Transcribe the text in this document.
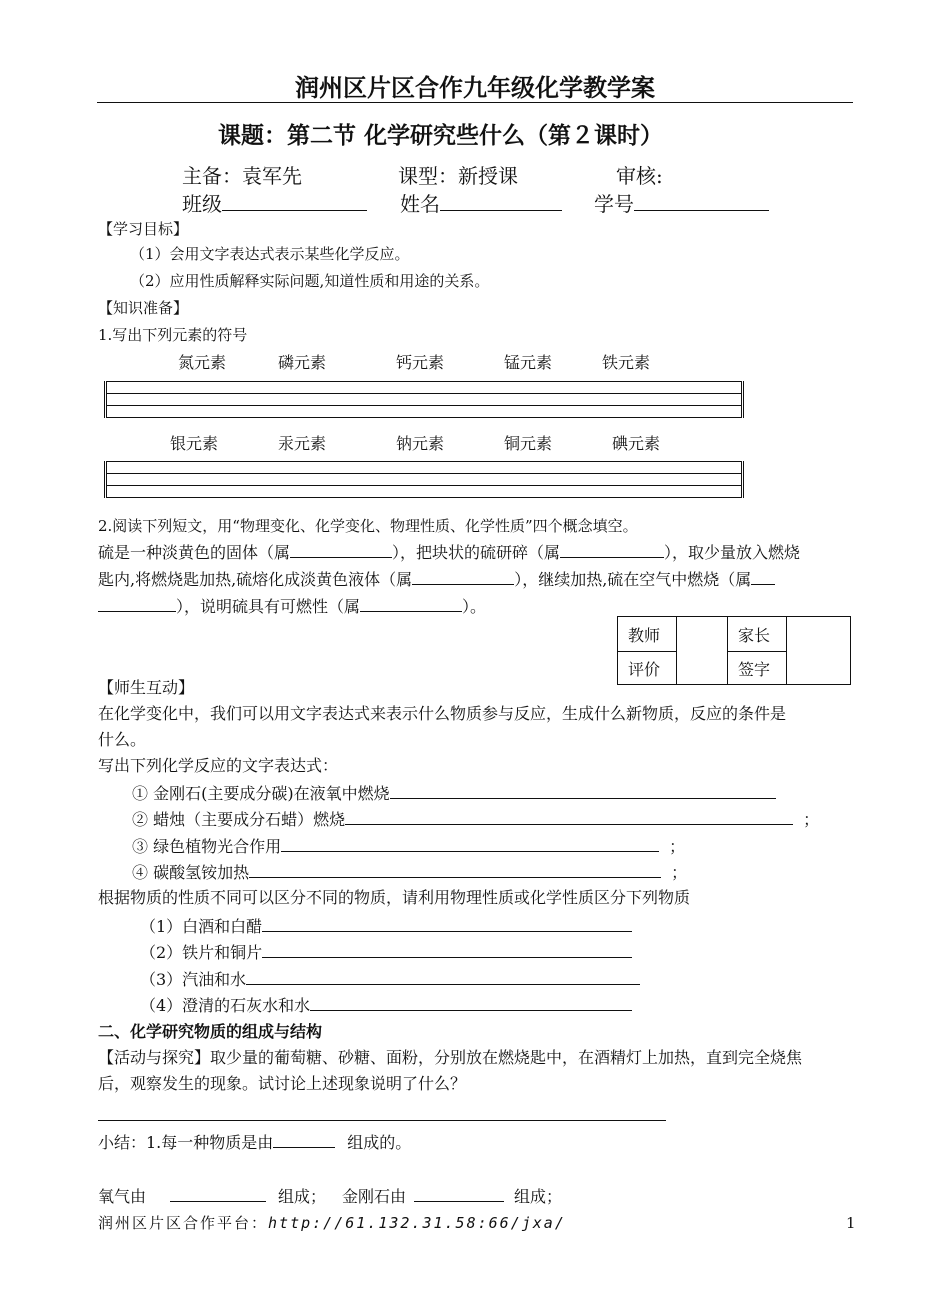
润州区片区合作九年级化学教学案
课题：第二节 化学研究些什么（第２课时）
主备：袁军先	课型：新授课	审核:
班级	姓名	学号
【学习目标】
（1）会用文字表达式表示某些化学反应。
（2）应用性质解释实际问题,知道性质和用途的关系。
【知识准备】
1.写出下列元素的符号
氮元素	磷元素	钙元素	锰元素	铁元素
银元素	汞元素	钠元素	铜元素	碘元素
2.阅读下列短文，用“物理变化、化学变化、物理性质、化学性质”四个概念填空。
硫是一种淡黄色的固体（属	），把块状的硫研碎（属	），取少量放入燃烧
匙内,将燃烧匙加热,硫熔化成淡黄色液体（属	），继续加热,硫在空气中燃烧（属
），说明硫具有可燃性（属	）。
教师		家长	
评价		签字	
【师生互动】
在化学变化中，我们可以用文字表达式来表示什么物质参与反应，生成什么新物质，反应的条件是
什么。
写出下列化学反应的文字表达式：
① 金刚石(主要成分碳)在液氧中燃烧
② 蜡烛（主要成分石蜡）燃烧	；
③ 绿色植物光合作用	；
④ 碳酸氢铵加热	；
根据物质的性质不同可以区分不同的物质，请利用物理性质或化学性质区分下列物质
（1）白酒和白醋
（2）铁片和铜片
（3）汽油和水
（4）澄清的石灰水和水
二、化学研究物质的组成与结构
【活动与探究】取少量的葡萄糖、砂糖、面粉，分别放在燃烧匙中，在酒精灯上加热，直到完全烧焦
后，观察发生的现象。试讨论上述现象说明了什么？
小结：1.每一种物质是由	组成的。
氧气由	组成； 金刚石由	组成；
润州区片区合作平台：http://61.132.31.58:66/jxa/	1
